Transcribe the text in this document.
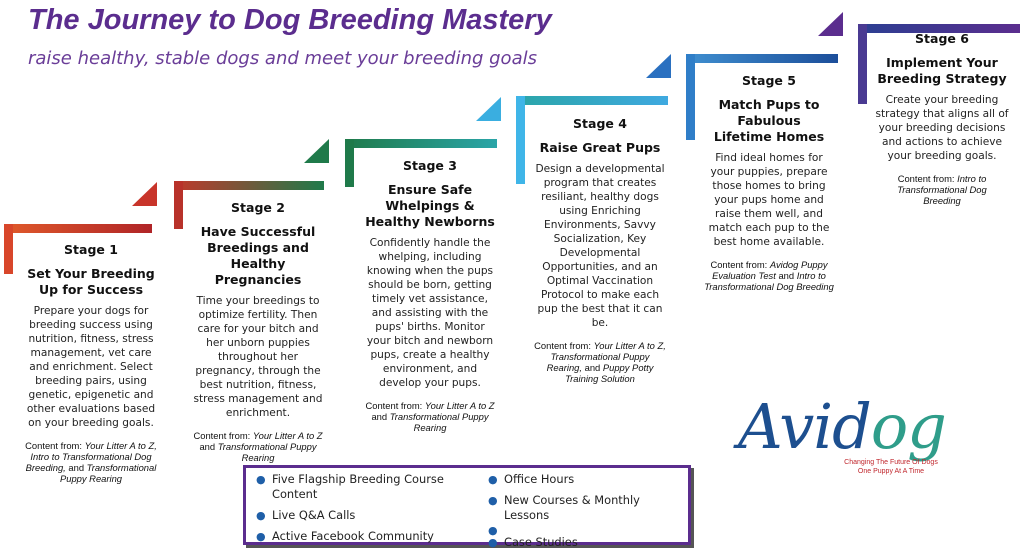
The Journey to Dog Breeding Mastery
raise healthy, stable dogs and meet your breeding goals
Stage 1
Set Your Breeding Up for Success
Prepare your dogs for breeding success using nutrition, fitness, stress management, vet care and enrichment. Select breeding pairs, using genetic, epigenetic and other evaluations based on your breeding goals.
Content from: Your Litter A to Z, Intro to Transformational Dog Breeding, and Transformational Puppy Rearing
Stage 2
Have Successful Breedings and Healthy Pregnancies
Time your breedings to optimize fertility. Then care for your bitch and her unborn puppies throughout her pregnancy, through the best nutrition, fitness, stress management and enrichment.
Content from: Your Litter A to Z and Transformational Puppy Rearing
Stage 3
Ensure Safe Whelpings & Healthy Newborns
Confidently handle the whelping, including knowing when the pups should be born, getting timely vet assistance, and assisting with the pups' births. Monitor your bitch and newborn pups, create a healthy environment, and develop your pups.
Content from: Your Litter A to Z and Transformational Puppy Rearing
Stage 4
Raise Great Pups
Design a developmental program that creates resiliant, healthy dogs using Enriching Environments, Savvy Socialization, Key Developmental Opportunities, and an Optimal Vaccination Protocol to make each pup the best that it can be.
Content from: Your Litter A to Z, Transformational Puppy Rearing, and Puppy Potty Training Solution
Stage 5
Match Pups to Fabulous Lifetime Homes
Find ideal homes for your puppies, prepare those homes to bring your pups home and raise them well, and match each pup to the best home available.
Content from: Avidog Puppy Evaluation Test and Intro to Transformational Dog Breeding
Stage 6
Implement Your Breeding Strategy
Create your breeding strategy that aligns all of your breeding decisions and actions to achieve your breeding goals.
Content from: Intro to Transformational Dog Breeding
● Five Flagship Breeding Course Content
● Live Q&A Calls
● Active Facebook Community
● Office Hours
● New Courses & Monthly Lessons
●
● Case Studies
Avidog
Changing The Future Of Dogs
One Puppy At A Time
